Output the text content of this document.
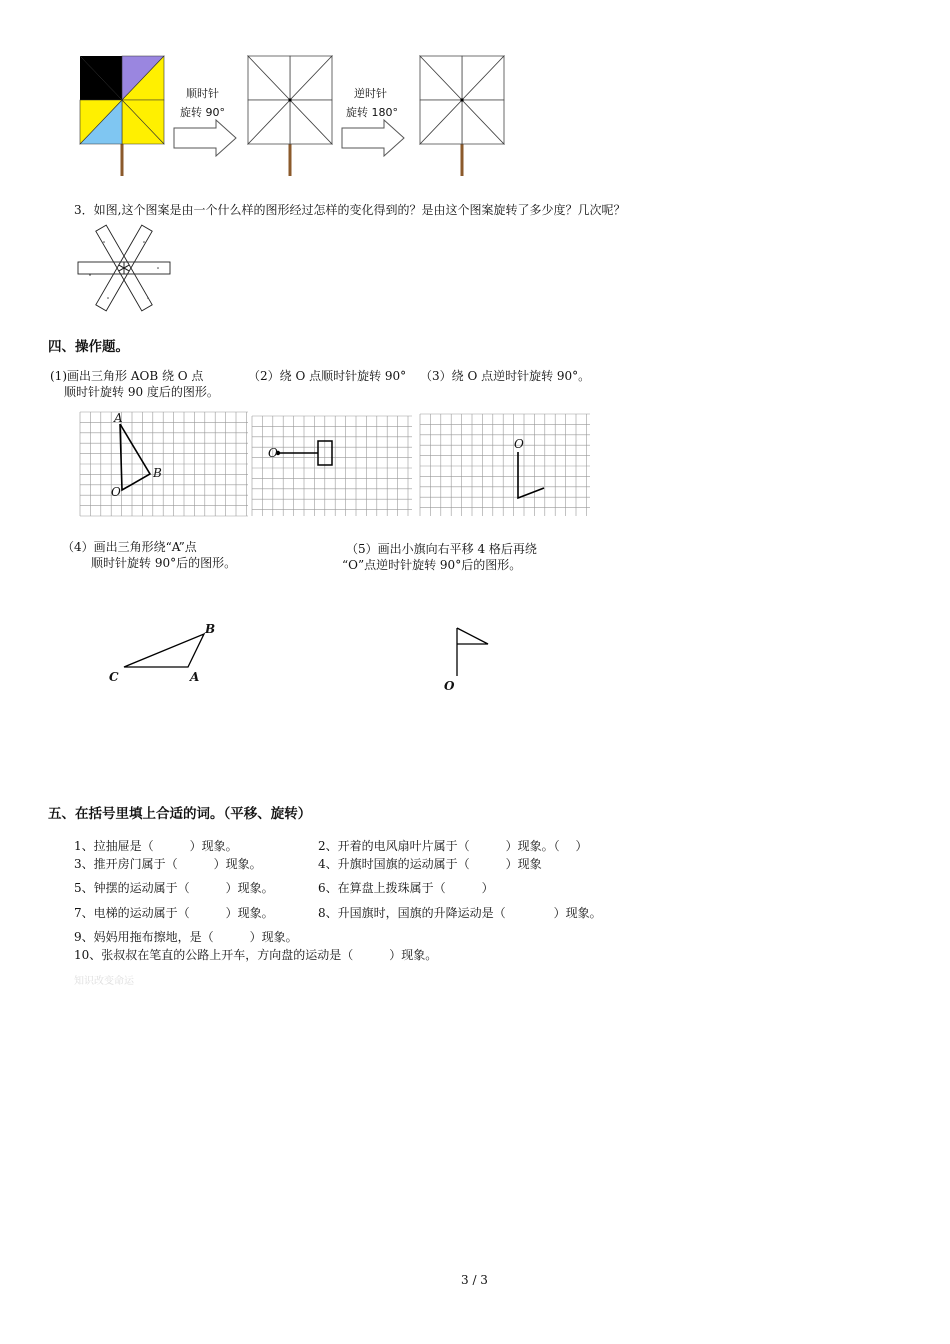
顺时针
旋转 90°
逆时针
旋转 180°
3．如图,这个图案是由一个什么样的图形经过怎样的变化得到的？是由这个图案旋转了多少度？几次呢？
四、操作题。
(1)画出三角形 AOB 绕 O 点
顺时针旋转 90 度后的图形。
（2）绕 O 点顺时针旋转 90° （3）绕 O 点逆时针旋转 90°。
A
B
O
O
O
（4）画出三角形绕“A”点
顺时针旋转 90°后的图形。
（5）画出小旗向右平移 4 格后再绕
“O”点逆时针旋转 90°后的图形。
B
C	A
O
五、在括号里填上合适的词。（平移、旋转）
1、拉抽屉是（　　　）现象。	2、开着的电风扇叶片属于（　　　）现象。（　 ）
3、推开房门属于（　　　）现象。	4、升旗时国旗的运动属于（　　　）现象
5、钟摆的运动属于（　　　）现象。	6、在算盘上拨珠属于（　　　）
7、电梯的运动属于（　　　）现象。	8、升国旗时，国旗的升降运动是（　　　　）现象。
9、妈妈用拖布擦地，是（　　　）现象。
10、张叔叔在笔直的公路上开车，方向盘的运动是（　　　）现象。
知识改变命运
3 / 3
